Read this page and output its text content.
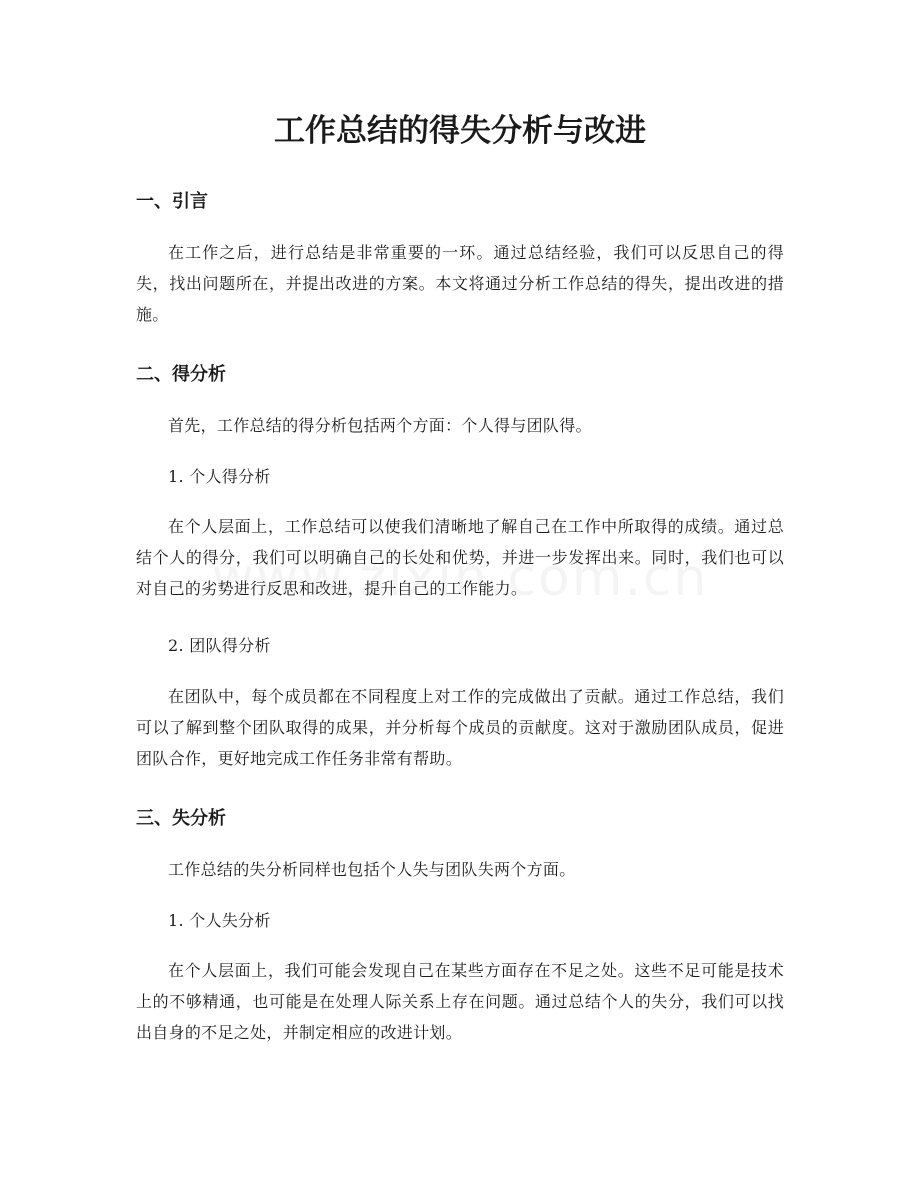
工作总结的得失分析与改进
一、引言

在工作之后，进行总结是非常重要的一环。通过总结经验，我们可以反思自己的得失，找出问题所在，并提出改进的方案。本文将通过分析工作总结的得失，提出改进的措施。

二、得分析

首先，工作总结的得分析包括两个方面：个人得与团队得。

1. 个人得分析

在个人层面上，工作总结可以使我们清晰地了解自己在工作中所取得的成绩。通过总结个人的得分，我们可以明确自己的长处和优势，并进一步发挥出来。同时，我们也可以对自己的劣势进行反思和改进，提升自己的工作能力。

2. 团队得分析

在团队中，每个成员都在不同程度上对工作的完成做出了贡献。通过工作总结，我们可以了解到整个团队取得的成果，并分析每个成员的贡献度。这对于激励团队成员，促进团队合作，更好地完成工作任务非常有帮助。

三、失分析

工作总结的失分析同样也包括个人失与团队失两个方面。

1. 个人失分析

在个人层面上，我们可能会发现自己在某些方面存在不足之处。这些不足可能是技术上的不够精通，也可能是在处理人际关系上存在问题。通过总结个人的失分，我们可以找出自身的不足之处，并制定相应的改进计划。
